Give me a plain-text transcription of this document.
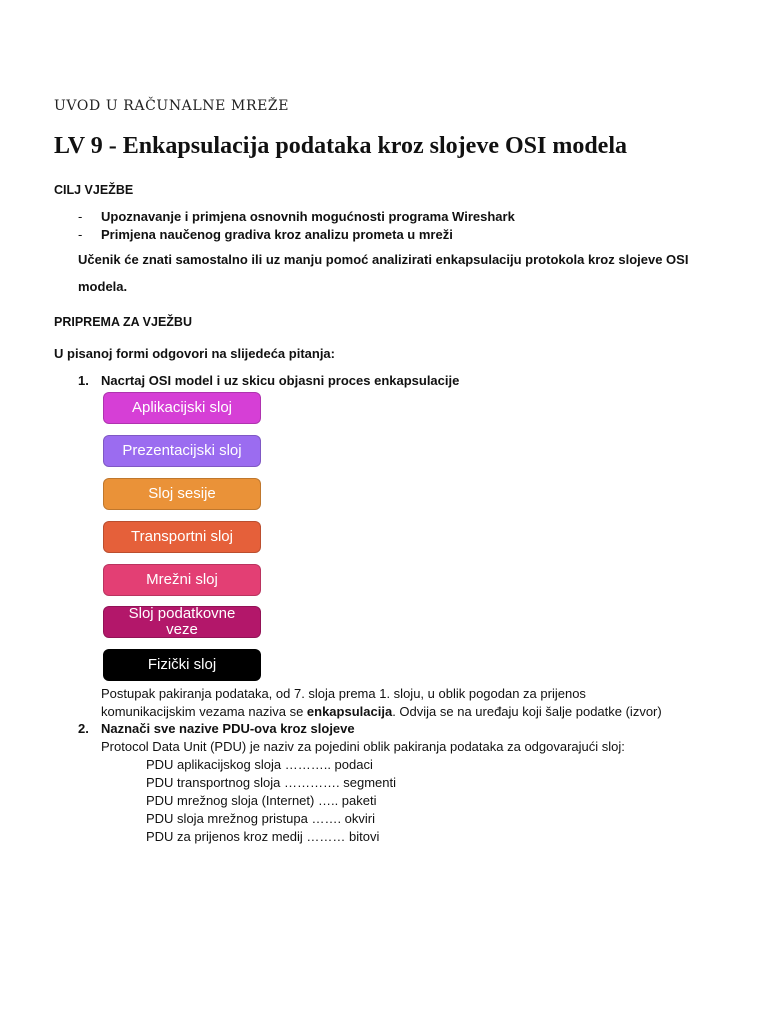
UVOD U RAČUNALNE MREŽE
LV 9 - Enkapsulacija podataka kroz slojeve OSI modela
CILJ VJEŽBE
- Upoznavanje i primjena osnovnih mogućnosti programa Wireshark
- Primjena naučenog gradiva kroz analizu prometa u mreži
Učenik će znati samostalno ili uz manju pomoć analizirati enkapsulaciju protokola kroz slojeve OSI
modela.
PRIPREMA ZA VJEŽBU
U pisanoj formi odgovori na slijedeća pitanja:
1. Nacrtaj OSI model i uz skicu objasni proces enkapsulacije
Aplikacijski sloj
Prezentacijski sloj
Sloj sesije
Transportni sloj
Mrežni sloj
Sloj podatkovne veze
Fizički sloj
Postupak pakiranja podataka, od 7. sloja prema 1. sloju, u oblik pogodan za prijenos
komunikacijskim vezama naziva se enkapsulacija. Odvija se na uređaju koji šalje podatke (izvor)
2. Naznači sve nazive PDU-ova kroz slojeve
Protocol Data Unit (PDU) je naziv za pojedini oblik pakiranja podataka za odgovarajući sloj:
PDU aplikacijskog sloja ……….. podaci
PDU transportnog sloja …………. segmenti
PDU mrežnog sloja (Internet) ….. paketi
PDU sloja mrežnog pristupa ……. okviri
PDU za prijenos kroz medij ……… bitovi
